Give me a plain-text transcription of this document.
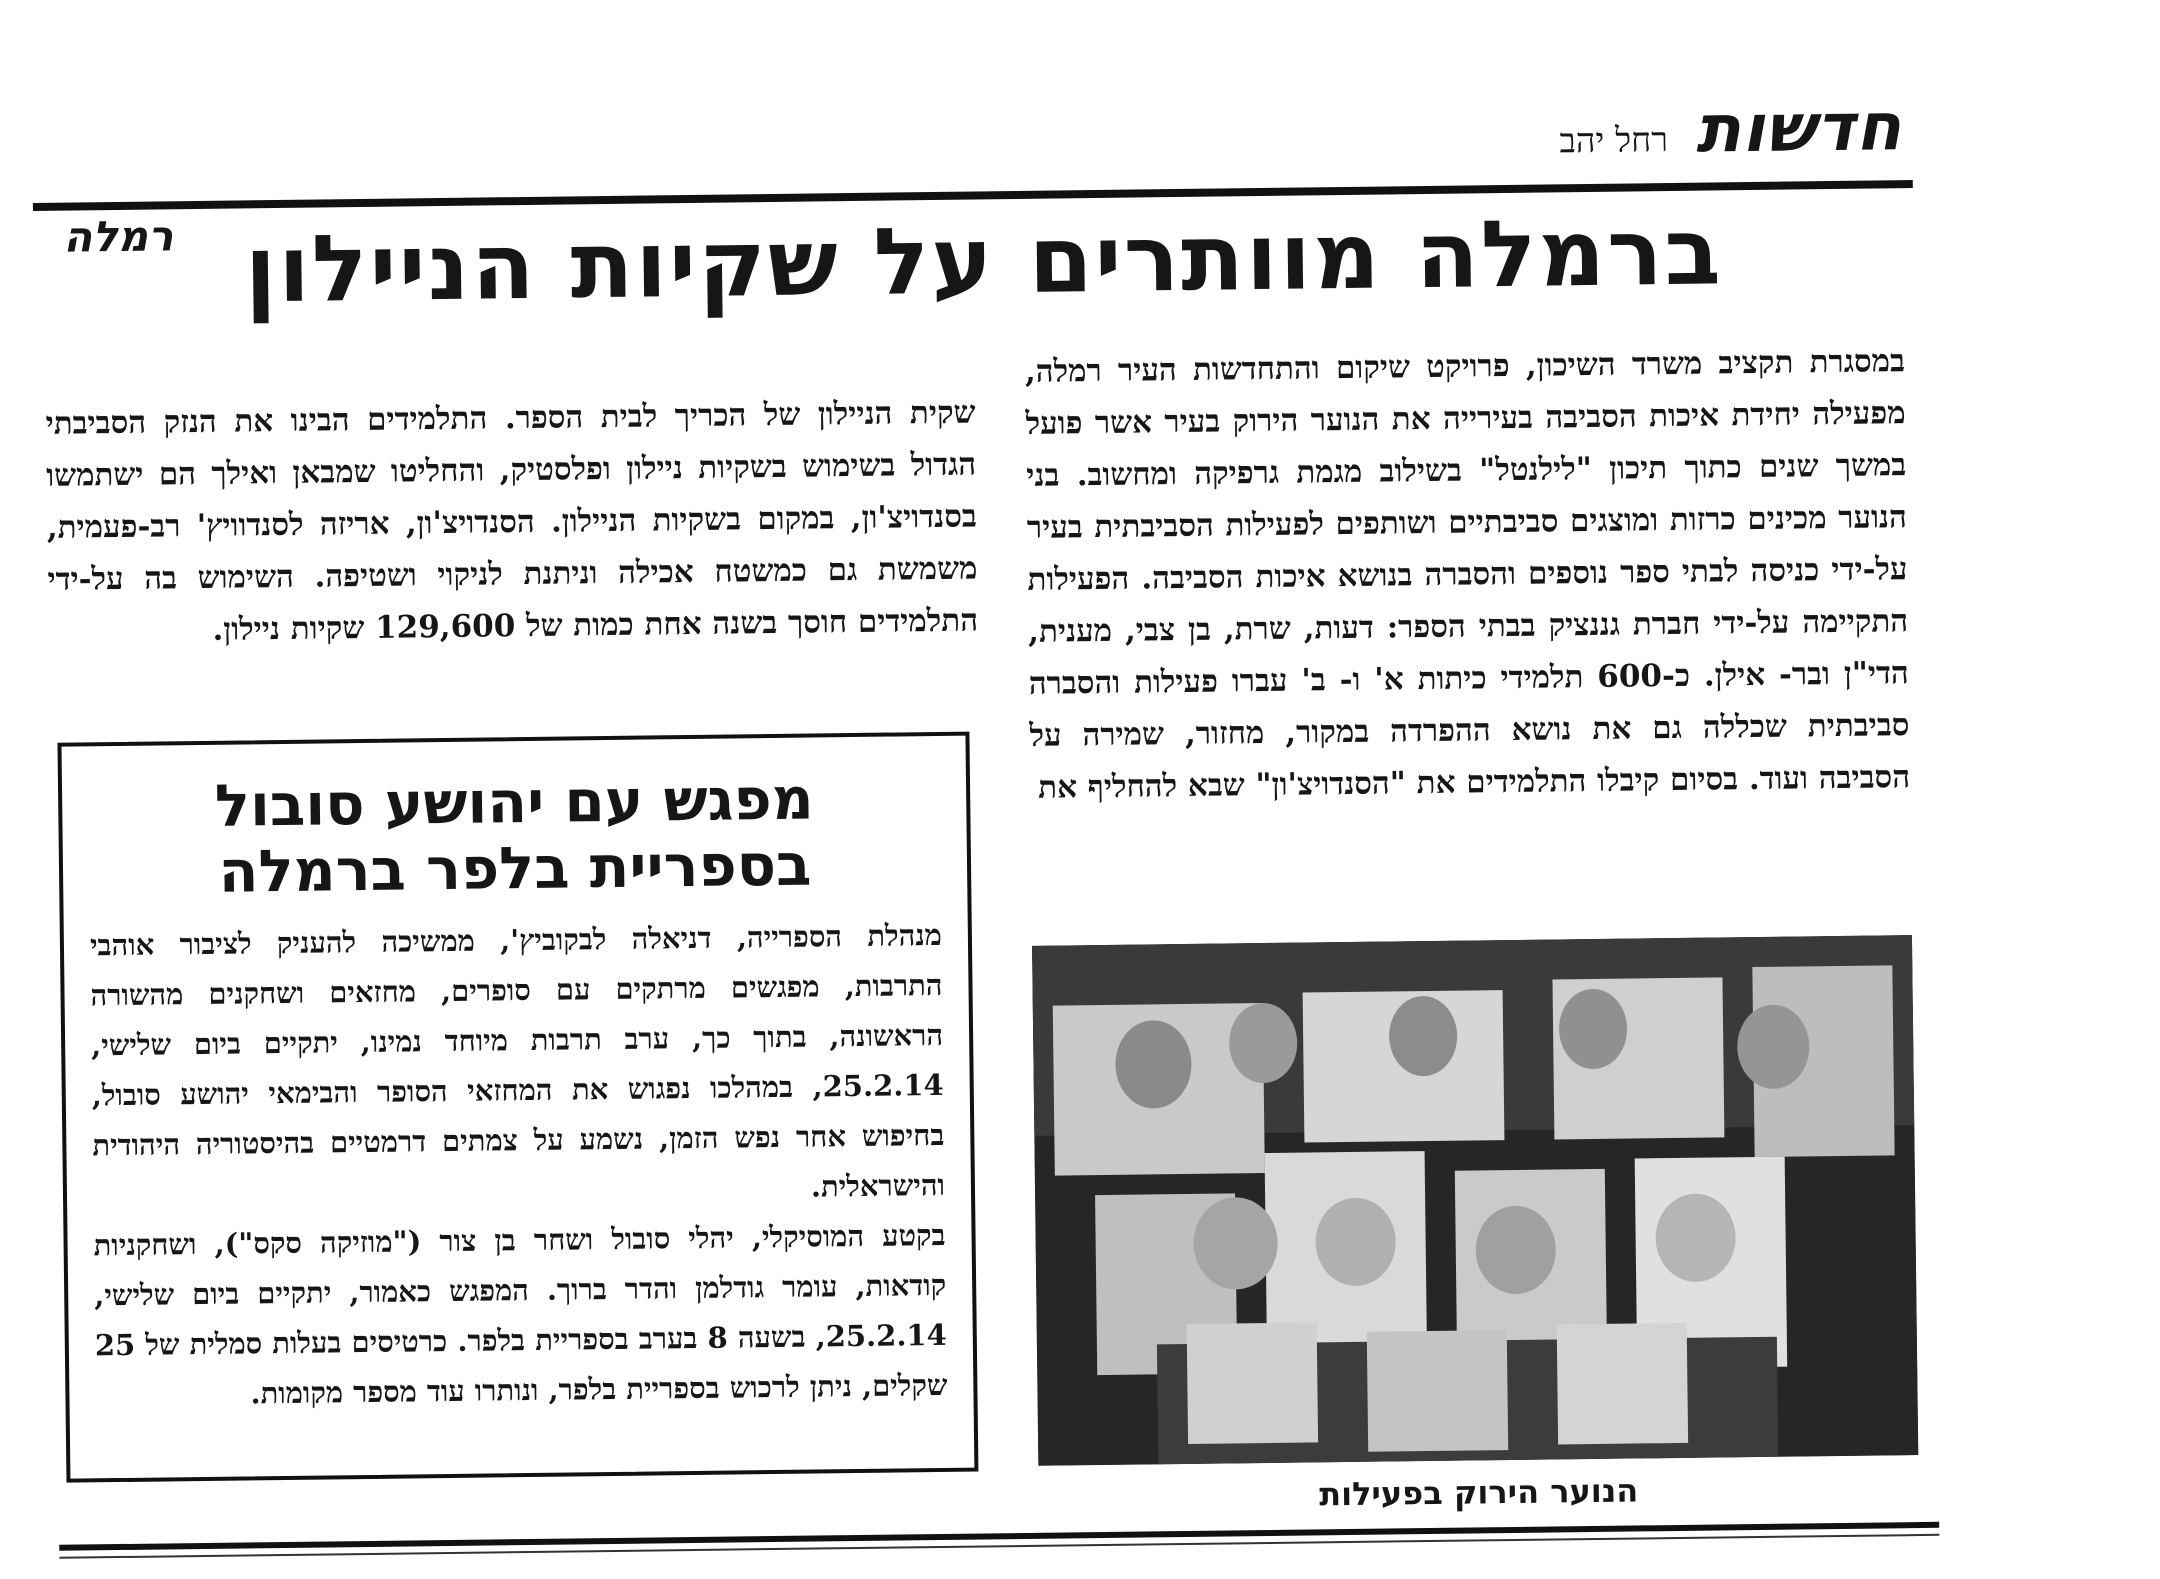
חדשות
רחל יהב
רמלה ברמלה מוותרים על שקיות הניילון

במסגרת תקציב משרד השיכון, פרויקט שיקום והתחדשות העיר רמלה, מפעילה יחידת איכות הסביבה בעירייה את הנוער הירוק בעיר אשר פועל במשך שנים כתוך תיכון "לילנטל" בשילוב מגמת גרפיקה ומחשוב. בני הנוער מכינים כרזות ומוצגים סביבתיים ושותפים לפעילות הסביבתית בעיר על-ידי כניסה לבתי ספר נוספים והסברה בנושא איכות הסביבה. הפעילות התקיימה על-ידי חברת גננציק בבתי הספר: דעות, שרת, בן צבי, מענית, הדי"ן ובר- אילן. כ-600 תלמידי כיתות א' ו- ב' עברו פעילות והסברה סביבתית שכללה גם את נושא ההפרדה במקור, מחזור, שמירה על הסביבה ועוד. בסיום קיבלו התלמידים את "הסנדויצ'ון" שבא להחליף את

שקית הניילון של הכריך לבית הספר. התלמידים הבינו את הנזק הסביבתי הגדול בשימוש בשקיות ניילון ופלסטיק, והחליטו שמבאן ואילך הם ישתמשו בסנדויצ'ון, במקום בשקיות הניילון. הסנדויצ'ון, אריזה לסנדוויץ' רב-פעמית, משמשת גם כמשטח אכילה וניתנת לניקוי ושטיפה. השימוש בה על-ידי התלמידים חוסך בשנה אחת כמות של 129,600 שקיות ניילון.

מפגש עם יהושע סובול
בספריית בלפר ברמלה

מנהלת הספרייה, דניאלה לבקוביץ', ממשיכה להעניק לציבור אוהבי התרבות, מפגשים מרתקים עם סופרים, מחזאים ושחקנים מהשורה הראשונה, בתוך כך, ערב תרבות מיוחד נמינו, יתקיים ביום שלישי, 25.2.14, במהלכו נפגוש את המחזאי הסופר והבימאי יהושע סובול, בחיפוש אחר נפש הזמן, נשמע על צמתים דרמטיים בהיסטוריה היהודית והישראלית.

בקטע המוסיקלי, יהלי סובול ושחר בן צור ("מוזיקה סקס"), ושחקניות קודאות, עומר גודלמן והדר ברוך. המפגש כאמור, יתקיים ביום שלישי, 25.2.14, בשעה 8 בערב בספריית בלפר. כרטיסים בעלות סמלית של 25 שקלים, ניתן לרכוש בספריית בלפר, ונותרו עוד מספר מקומות.

הנוער הירוק בפעילות
